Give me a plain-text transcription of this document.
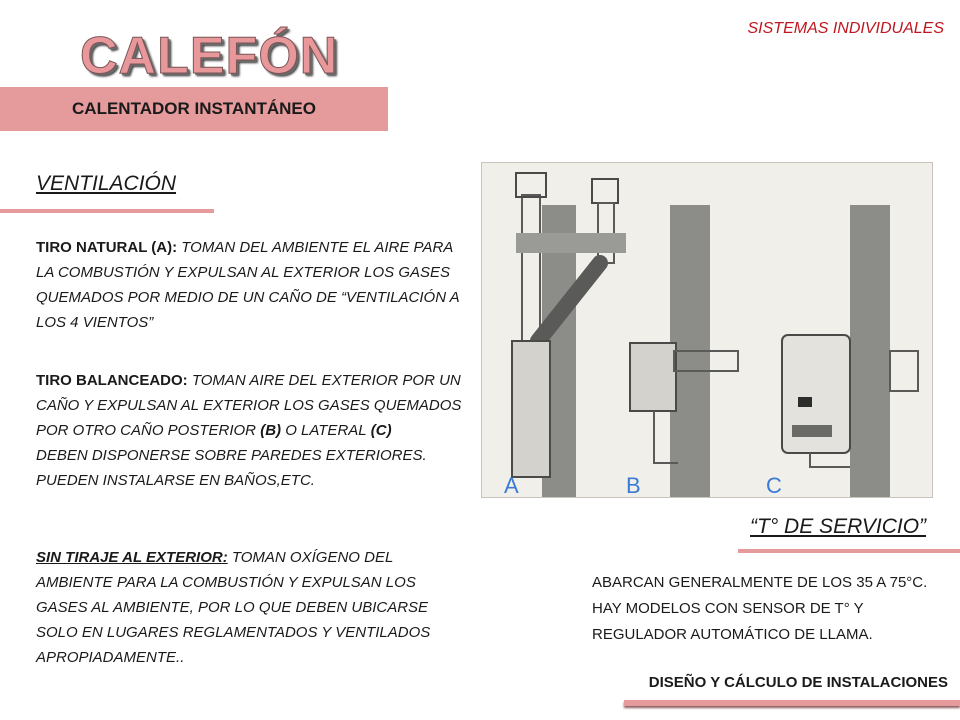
SISTEMAS INDIVIDUALES
CALEFÓN
CALENTADOR INSTANTÁNEO
VENTILACIÓN
TIRO NATURAL (A): TOMAN DEL AMBIENTE EL AIRE PARA LA COMBUSTIÓN Y EXPULSAN AL EXTERIOR LOS GASES QUEMADOS POR MEDIO DE UN CAÑO DE “VENTILACIÓN A LOS 4 VIENTOS”
TIRO BALANCEADO: TOMAN AIRE DEL EXTERIOR POR UN CAÑO Y EXPULSAN AL EXTERIOR LOS GASES QUEMADOS POR OTRO CAÑO POSTERIOR (B) O LATERAL (C)
DEBEN DISPONERSE SOBRE PAREDES EXTERIORES. PUEDEN INSTALARSE EN BAÑOS,ETC.
SIN TIRAJE AL EXTERIOR: TOMAN OXÍGENO DEL AMBIENTE PARA LA COMBUSTIÓN Y EXPULSAN LOS GASES AL AMBIENTE, POR LO QUE DEBEN UBICARSE SOLO EN LUGARES REGLAMENTADOS Y VENTILADOS APROPIADAMENTE..
A	B	C
“T° DE SERVICIO”
ABARCAN GENERALMENTE DE LOS 35 A 75°C. HAY MODELOS CON SENSOR DE T° Y REGULADOR AUTOMÁTICO DE LLAMA.
DISEÑO Y CÁLCULO DE INSTALACIONES
